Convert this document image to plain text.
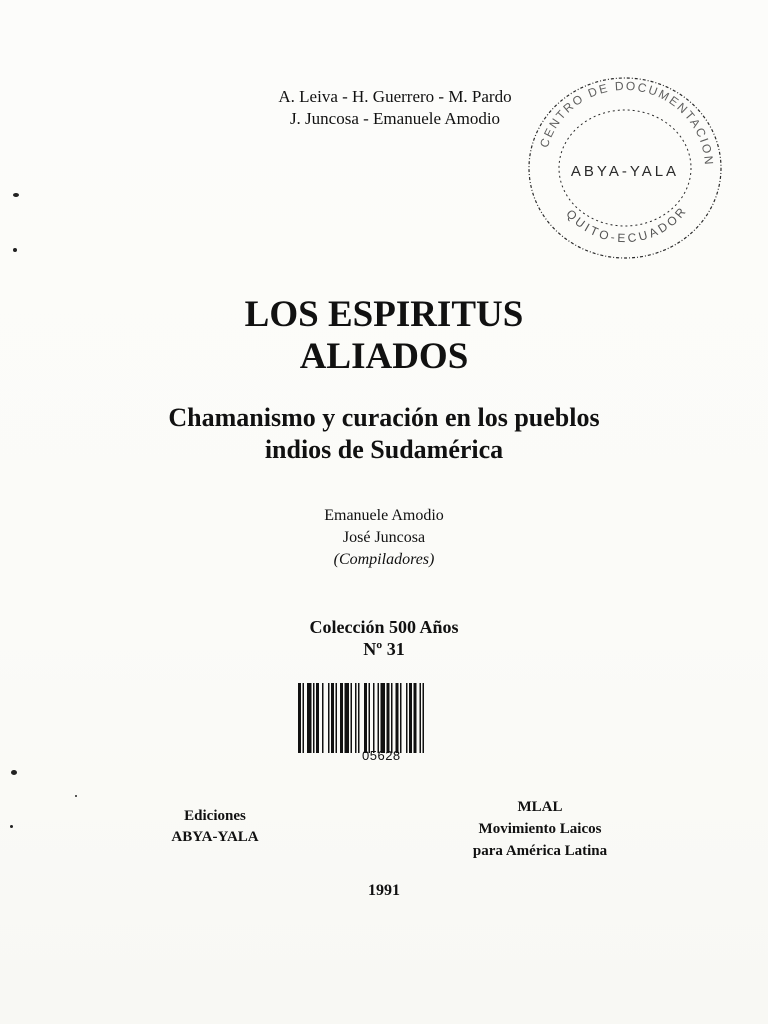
A. Leiva - H. Guerrero - M. Pardo
J. Juncosa - Emanuele Amodio
CENTRO DE DOCUMENTACION
QUITO-ECUADOR
ABYA-YALA
LOS ESPIRITUS
ALIADOS
Chamanismo y curación en los pueblos
indios de Sudamérica
Emanuele Amodio
José Juncosa
(Compiladores)
Colección 500 Años
Nº 31
05628
Ediciones
ABYA-YALA
MLAL
Movimiento Laicos
para América Latina
1991
